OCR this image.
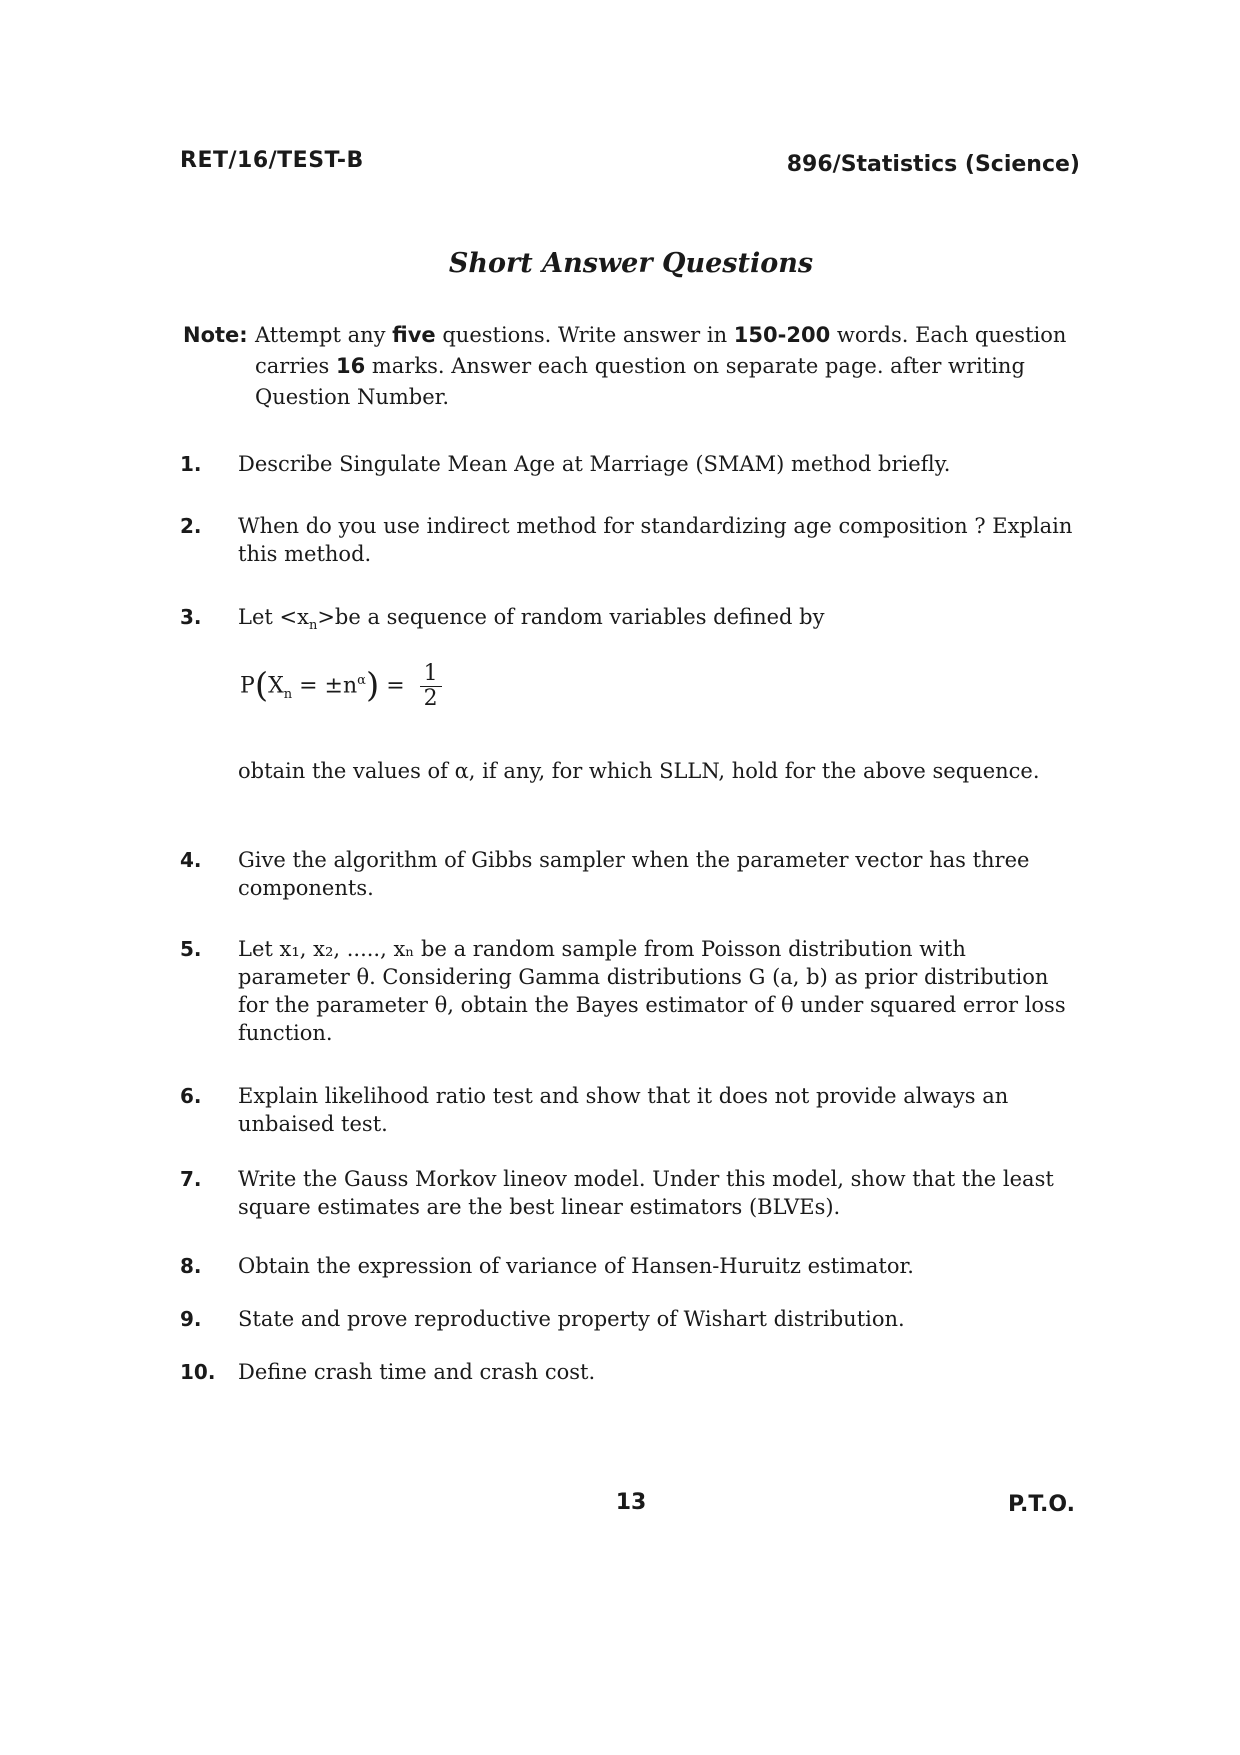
RET/16/TEST-B	896/Statistics (Science)
Short Answer Questions
Note: Attempt any five questions. Write answer in 150-200 words. Each question carries 16 marks. Answer each question on separate page. after writing Question Number.
1.	Describe Singulate Mean Age at Marriage (SMAM) method briefly.
2.	When do you use indirect method for standardizing age composition ? Explain this method.
3.	Let $<x_n>be$ a sequence of random variables defined by
$P(X_n = \pm n^\alpha) = \frac{1}{2}$
obtain the values of α, if any, for which SLLN, hold for the above sequence.
4.	Give the algorithm of Gibbs sampler when the parameter vector has three components.
5.	Let x₁, x₂, ....., xₙ be a random sample from Poisson distribution with parameter θ. Considering Gamma distributions G (a, b) as prior distribution for the parameter θ, obtain the Bayes estimator of θ under squared error loss function.
6.	Explain likelihood ratio test and show that it does not provide always an unbaised test.
7.	Write the Gauss Morkov lineov model. Under this model, show that the least square estimates are the best linear estimators (BLVEs).
8.	Obtain the expression of variance of Hansen-Huruitz estimator.
9.	State and prove reproductive property of Wishart distribution.
10.	Define crash time and crash cost.
13	P.T.O.
